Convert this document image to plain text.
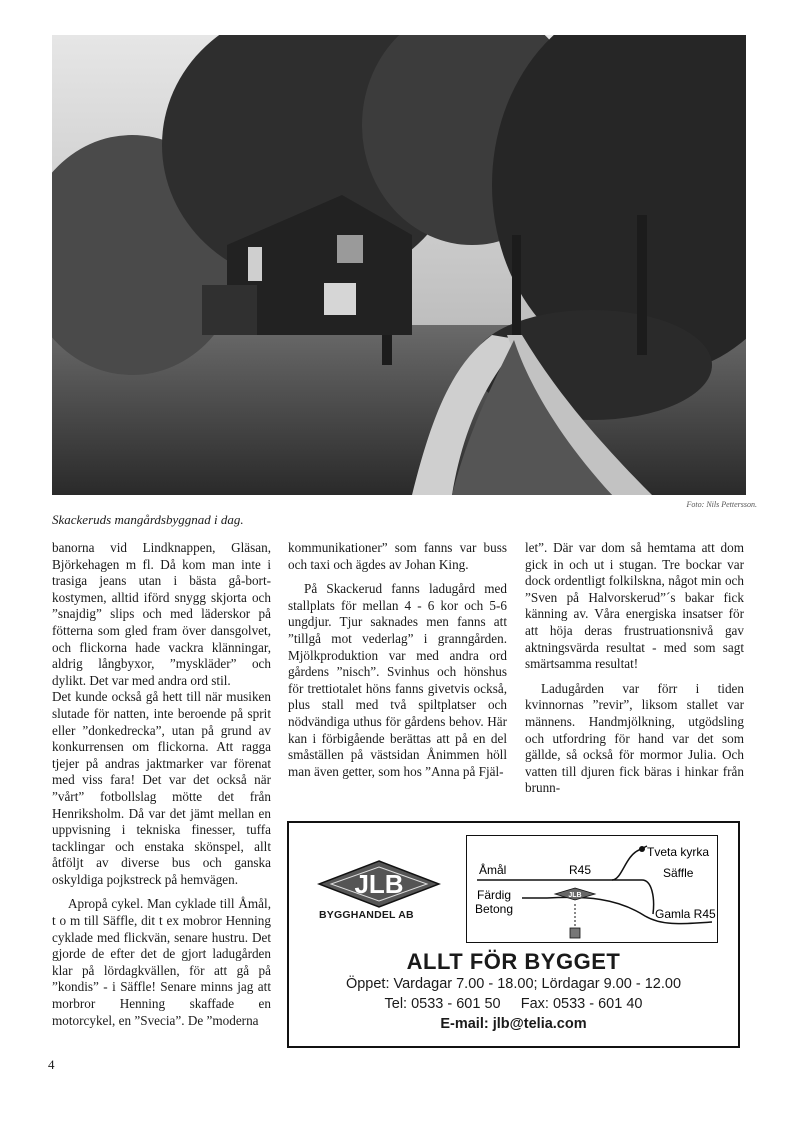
Foto: Nils Pettersson.
Skackeruds mangårdsbyggnad i dag.

banorna vid Lindknappen, Gläsan, Björkehagen m fl. Då kom man inte i trasiga jeans utan i bästa gå-bort-kostymen, alltid iförd snygg skjorta och ”snajdig” slips och med läderskor på fötterna som gled fram över dansgolvet, och flickorna hade vackra klänningar, aldrig långbyxor, ”myskläder” och dylikt. Det var med andra ord stil.

Det kunde också gå hett till när musiken slutade för natten, inte beroende på sprit eller ”donkedrecka”, utan på grund av konkurrensen om flickorna. Att ragga tjejer på andras jaktmarker var förenat med viss fara! Det var det också när ”vårt” fotbollslag mötte det från Henriksholm. Då var det jämt mellan en uppvisning i tekniska finesser, tuffa tacklingar och enstaka skönspel, allt åtföljt av diverse bus och ganska oskyldiga pojkstreck på hemvägen.

Apropå cykel. Man cyklade till Åmål, t o m till Säffle, dit t ex mobror Henning cyklade med flickvän, senare hustru. Det gjorde de efter det de gjort ladugården klar på lördagkvällen, för att gå på ”kondis” - i Säffle! Senare minns jag att morbror Henning skaffade en motorcykel, en ”Svecia”. De ”moderna

kommunikationer” som fanns var buss och taxi och ägdes av Johan King.

På Skackerud fanns ladugård med stallplats för mellan 4 - 6 kor och 5-6 ungdjur. Tjur saknades men fanns att ”tillgå mot vederlag” i granngården. Mjölkproduktion var med andra ord gårdens ”nisch”. Svinhus och hönshus för trettiotalet höns fanns givetvis också, plus stall med två spiltplatser och nödvändiga uthus för gårdens behov. Här kan i förbigående berättas att på en del småställen på västsidan Ånimmen höll man även getter, som hos ”Anna på Fjäl-

let”. Där var dom så hemtama att dom gick in och ut i stugan. Tre bockar var dock ordentligt folkilskna, något min och ”Sven på Halvorskerud”´s bakar fick känning av. Våra energiska insatser för att höja deras frustruationsnivå gav aktningsvärda resultat - med som sagt smärtsamma resultat!

Ladugården var förr i tiden kvinnornas ”revir”, liksom stallet var männens. Handmjölkning, utgödsling och utfordring för hand var det som gällde, så också för mormor Julia. Och vatten till djuren fick bäras i hinkar från brunn-

JLB
BYGGHANDEL AB
JLB
Åmål	R45
Tveta kyrka
Säffle
Färdig
Betong	Gamla R45
ALLT FÖR BYGGET
Öppet: Vardagar 7.00 - 18.00; Lördagar 9.00 - 12.00
Tel: 0533 - 601 50 Fax: 0533 - 601 40
E-mail: jlb@telia.com
4
